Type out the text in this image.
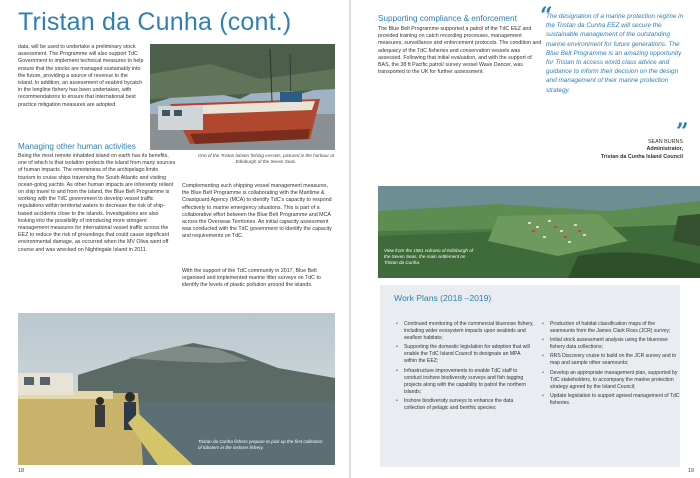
Tristan da Cunha (cont.)

data, will be used to undertake a preliminary stock assessment. The Programme will also support TdC Government to implement technical measures to help ensure that the stocks are managed sustainably into the future, providing a source of revenue to the island. In addition, an assessment of seabird bycatch in the longline fishery has been undertaken, with recommendations to ensure that international best practice mitigation measures are adopted.

One of the Tristan lobster fishing vessels, pictured in the harbour at Edinburgh of the Seven Seas.
Managing other human activities

Being the most remote inhabited island on earth has its benefits, one of which is that isolation protects the island from many sources of human impacts. The remoteness of the archipelago limits tourism to cruise ships traversing the South Atlantic and visiting ocean-going yachts. As other human impacts are inherently reliant on ship travel to and from the island, the Blue Belt Programme is working with the TdC government to develop vessel traffic regulations within territorial waters to decrease the risk of ship-based accidents close to the islands. Investigations are also looking into the possibility of introducing more stringent management measures for international vessel traffic across the EEZ to reduce the risk of groundings that could cause significant environmental damage, as occurred when the MV Oliva went off course and was wrecked on Nightingale Island in 2011.

Complementing such shipping vessel management measures, the Blue Belt Programme is collaborating with the Maritime & Coastguard Agency (MCA) to identify TdC's capacity to respond effectively to marine emergency situations. This is part of a collaborative effort between the Blue Belt Programme and MCA across the Overseas Territories. An initial capacity assessment was conducted with the TdC government to identify the capacity and requirements on TdC.

With the support of the TdC community in 2017, Blue Belt organised and implemented marine litter surveys on TdC to identify the levels of plastic pollution around the islands.

Tristan da Cunha fishers prepare to pick up the first collection of lobsters in the inshore fishery.
18
Supporting compliance & enforcement

The Blue Belt Programme supported a patrol of the TdC EEZ and provided training on catch recording processes, management measures, surveillance and enforcement protocols. The condition and adequacy of the TdC fisheries and conservation vessels was assessed. Following that initial evaluation, and with the support of BAS, the 38 ft Pacific patrol/ survey vessel Wave Dancer, was transported to the UK for further assessment.

“
The designation of a marine protection regime in the Tristan da Cunha EEZ will secure the sustainable management of the outstanding marine environment for future generations. The Blue Belt Programme is an amazing opportunity for Tristan to access world class advice and guidance to inform their decision on the design and management of their marine protection strategy.
”
SEAN BURNS
Administrator,
Tristan da Cunha Island Council
View from the 1961 volcano of Edinburgh of the Seven Seas, the main settlement on Tristan da Cunha.
Work Plans (2018 –2019)
• Continued monitoring of the commercial bluenose fishery, including wider ecosystem impacts upon seabirds and seafloor habitats;
• Supporting the domestic legislation for adoption that will enable the TdC Island Council to designate an MPA within the EEZ;
• Infrastructure improvements to enable TdC staff to conduct inshore biodiversity surveys and fish tagging projects along with the capability to patrol the northern islands;
• Inshore biodiversity surveys to enhance the data collection of pelagic and benthic species;
• Production of habitat classification maps of the seamounts from the James Clark Ross (JCR) survey;
• Initial stock assessment analysis using the bluenose fishery data collections;
• RRS Discovery cruise to build on the JCR survey and to map and sample other seamounts;
• Develop an appropriate management plan, supported by TdC stakeholders, to accompany the marine protection strategy agreed by the Island Council;
• Update legislation to support agreed management of TdC fisheries.
19
